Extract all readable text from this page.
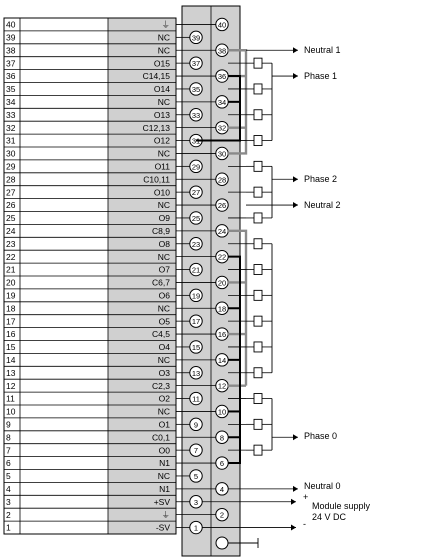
40	⏚
39	NC
38	NC
37	O15
36	C14,15
35	O14
34	NC
33	O13
32	C12,13
31	O12
30	NC
29	O11
28	C10,11
27	O10
26	NC
25	O9
24	C8,9
23	O8
22	NC
21	O7
20	C6,7
19	O6
18	NC
17	O5
16	C4,5
15	O4
14	NC
13	O3
12	C2,3
11	O2
10	NC
9	O1
8	C0,1
7	O0
6	N1
5	NC
4	N1
3	+SV
2	⏚
1	-SV
40
39
38
37
36
35
34
33
32
31
30
29
28
27
26
25
24
23
22
21
20
19
18
17
16
15
14
13
12
11
10
9
8
7
6
5
4
3
2
1
Neutral 1
Phase 1
Phase 2
Neutral 2
Phase 0
Neutral 0
+
Module supply
24 V DC
-
